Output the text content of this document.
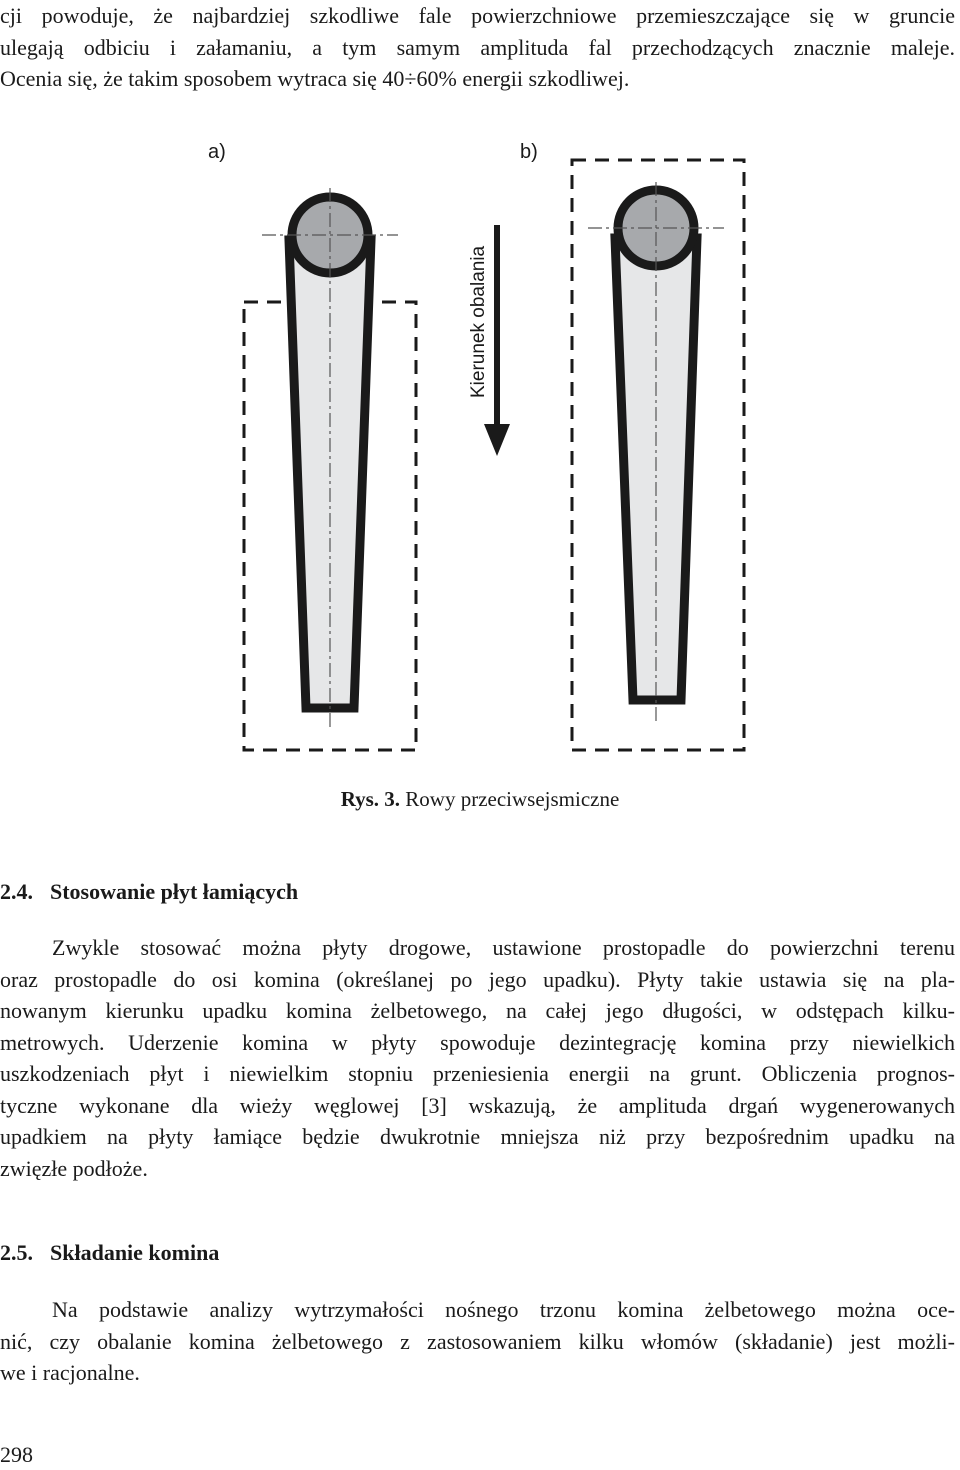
cji powoduje, że najbardziej szkodliwe fale powierzchniowe przemieszczające się w gruncie
ulegają odbiciu i załamaniu, a tym samym amplituda fal przechodzących znacznie maleje.
Ocenia się, że takim sposobem wytraca się 40÷60% energii szkodliwej.
Kierunek obalania
a)	b)
Rys. 3. Rowy przeciwsejsmiczne
2.4. Stosowanie płyt łamiących
Zwykle stosować można płyty drogowe, ustawione prostopadle do powierzchni terenu
oraz prostopadle do osi komina (określanej po jego upadku). Płyty takie ustawia się na pla-
nowanym kierunku upadku komina żelbetowego, na całej jego długości, w odstępach kilku-
metrowych. Uderzenie komina w płyty spowoduje dezintegrację komina przy niewielkich
uszkodzeniach płyt i niewielkim stopniu przeniesienia energii na grunt. Obliczenia prognos-
tyczne wykonane dla wieży węglowej [3] wskazują, że amplituda drgań wygenerowanych
upadkiem na płyty łamiące będzie dwukrotnie mniejsza niż przy bezpośrednim upadku na
zwięzłe podłoże.
2.5. Składanie komina
Na podstawie analizy wytrzymałości nośnego trzonu komina żelbetowego można oce-
nić, czy obalanie komina żelbetowego z zastosowaniem kilku włomów (składanie) jest możli-
we i racjonalne.
298
